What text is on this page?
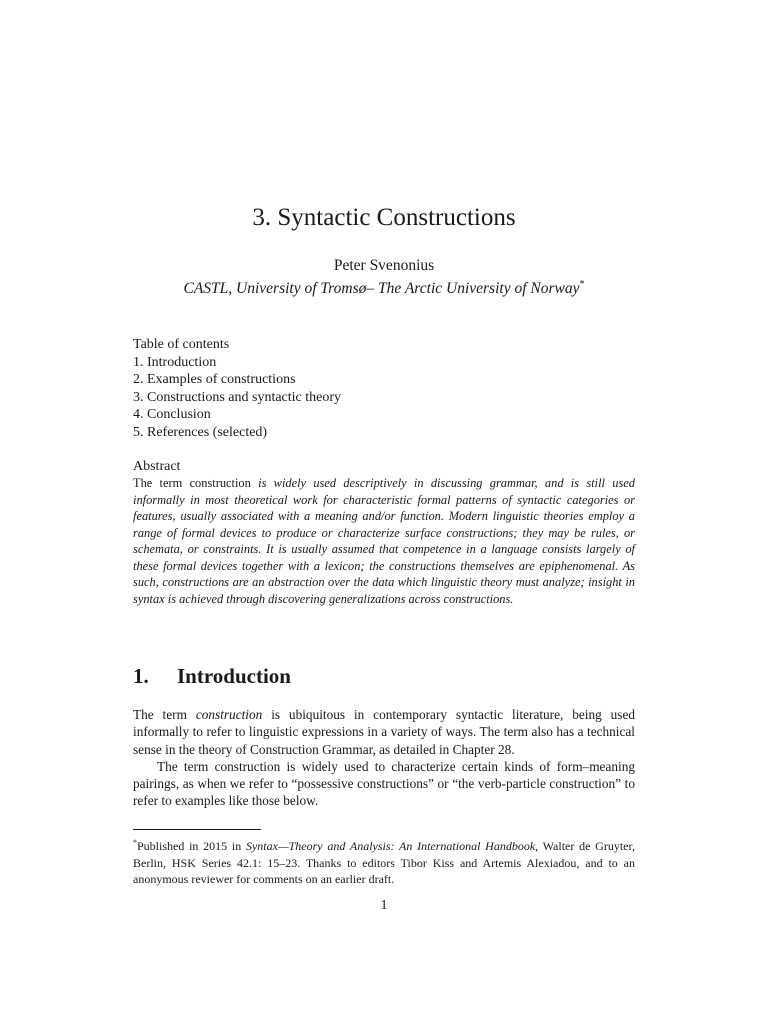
3. Syntactic Constructions
Peter Svenonius
CASTL, University of Tromsø– The Arctic University of Norway*
Table of contents
1. Introduction
2. Examples of constructions
3. Constructions and syntactic theory
4. Conclusion
5. References (selected)
Abstract
The term construction is widely used descriptively in discussing grammar, and is still used informally in most theoretical work for characteristic formal patterns of syntactic categories or features, usually associated with a meaning and/or function. Modern linguistic theories employ a range of formal devices to produce or characterize surface constructions; they may be rules, or schemata, or constraints. It is usually assumed that competence in a language consists largely of these formal devices together with a lexicon; the constructions themselves are epiphenomenal. As such, constructions are an abstraction over the data which linguistic theory must analyze; insight in syntax is achieved through discovering generalizations across constructions.
1. Introduction

The term construction is ubiquitous in contemporary syntactic literature, being used informally to refer to linguistic expressions in a variety of ways. The term also has a technical sense in the theory of Construction Grammar, as detailed in Chapter 28.

The term construction is widely used to characterize certain kinds of form–meaning pairings, as when we refer to “possessive constructions” or “the verb-particle construction” to refer to examples like those below.

*Published in 2015 in Syntax—Theory and Analysis: An International Handbook, Walter de Gruyter, Berlin, HSK Series 42.1: 15–23. Thanks to editors Tibor Kiss and Artemis Alexiadou, and to an anonymous reviewer for comments on an earlier draft.
1
